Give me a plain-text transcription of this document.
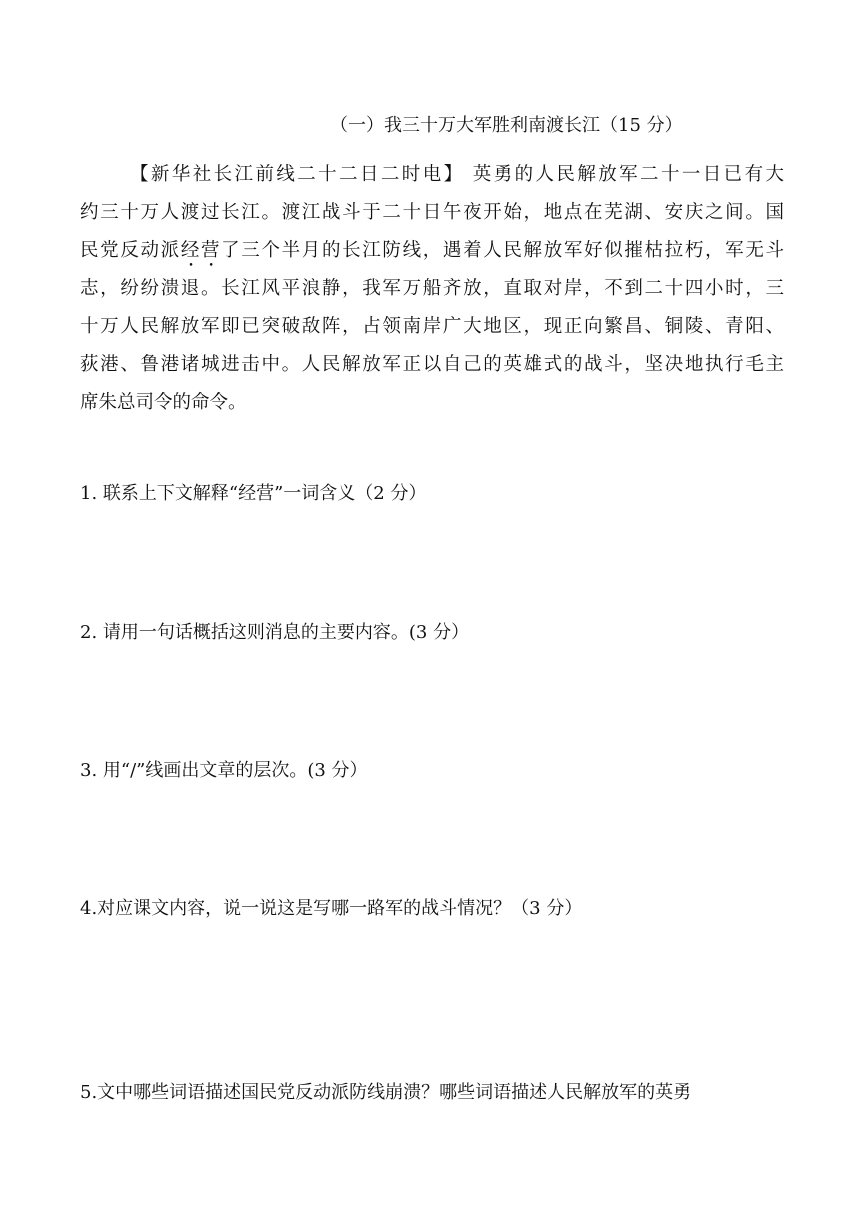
（一）我三十万大军胜利南渡长江（15 分）
【新华社长江前线二十二日二时电】 英勇的人民解放军二十一日已有大
约三十万人渡过长江。渡江战斗于二十日午夜开始，地点在芜湖、安庆之间。国
民党反动派经营了三个半月的长江防线，遇着人民解放军好似摧枯拉朽，军无斗
志，纷纷溃退。长江风平浪静，我军万船齐放，直取对岸，不到二十四小时，三
十万人民解放军即已突破敌阵，占领南岸广大地区，现正向繁昌、铜陵、青阳、
荻港、鲁港诸城进击中。人民解放军正以自己的英雄式的战斗，坚决地执行毛主
席朱总司令的命令。
1. 联系上下文解释“经营”一词含义（2 分）
2. 请用一句话概括这则消息的主要内容。(3 分）
3. 用“/”线画出文章的层次。(3 分）
4.对应课文内容，说一说这是写哪一路军的战斗情况？（3 分）
5.文中哪些词语描述国民党反动派防线崩溃？哪些词语描述人民解放军的英勇
